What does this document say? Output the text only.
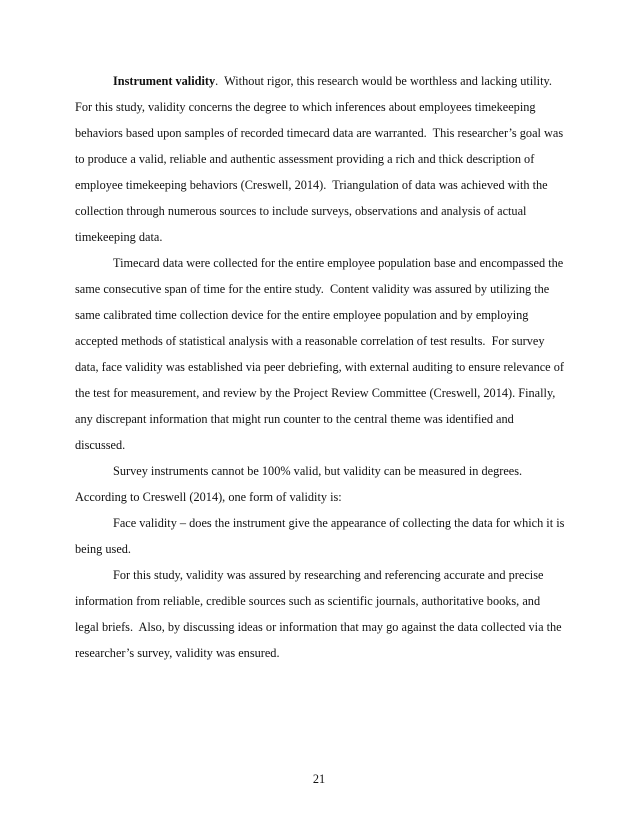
Instrument validity.  Without rigor, this research would be worthless and lacking utility. For this study, validity concerns the degree to which inferences about employees timekeeping behaviors based upon samples of recorded timecard data are warranted.  This researcher’s goal was to produce a valid, reliable and authentic assessment providing a rich and thick description of employee timekeeping behaviors (Creswell, 2014).  Triangulation of data was achieved with the collection through numerous sources to include surveys, observations and analysis of actual timekeeping data.

Timecard data were collected for the entire employee population base and encompassed the same consecutive span of time for the entire study.  Content validity was assured by utilizing the same calibrated time collection device for the entire employee population and by employing accepted methods of statistical analysis with a reasonable correlation of test results.  For survey data, face validity was established via peer debriefing, with external auditing to ensure relevance of the test for measurement, and review by the Project Review Committee (Creswell, 2014). Finally, any discrepant information that might run counter to the central theme was identified and discussed.

Survey instruments cannot be 100% valid, but validity can be measured in degrees. According to Creswell (2014), one form of validity is:

Face validity – does the instrument give the appearance of collecting the data for which it is being used.

For this study, validity was assured by researching and referencing accurate and precise information from reliable, credible sources such as scientific journals, authoritative books, and legal briefs.  Also, by discussing ideas or information that may go against the data collected via the researcher’s survey, validity was ensured.

21
